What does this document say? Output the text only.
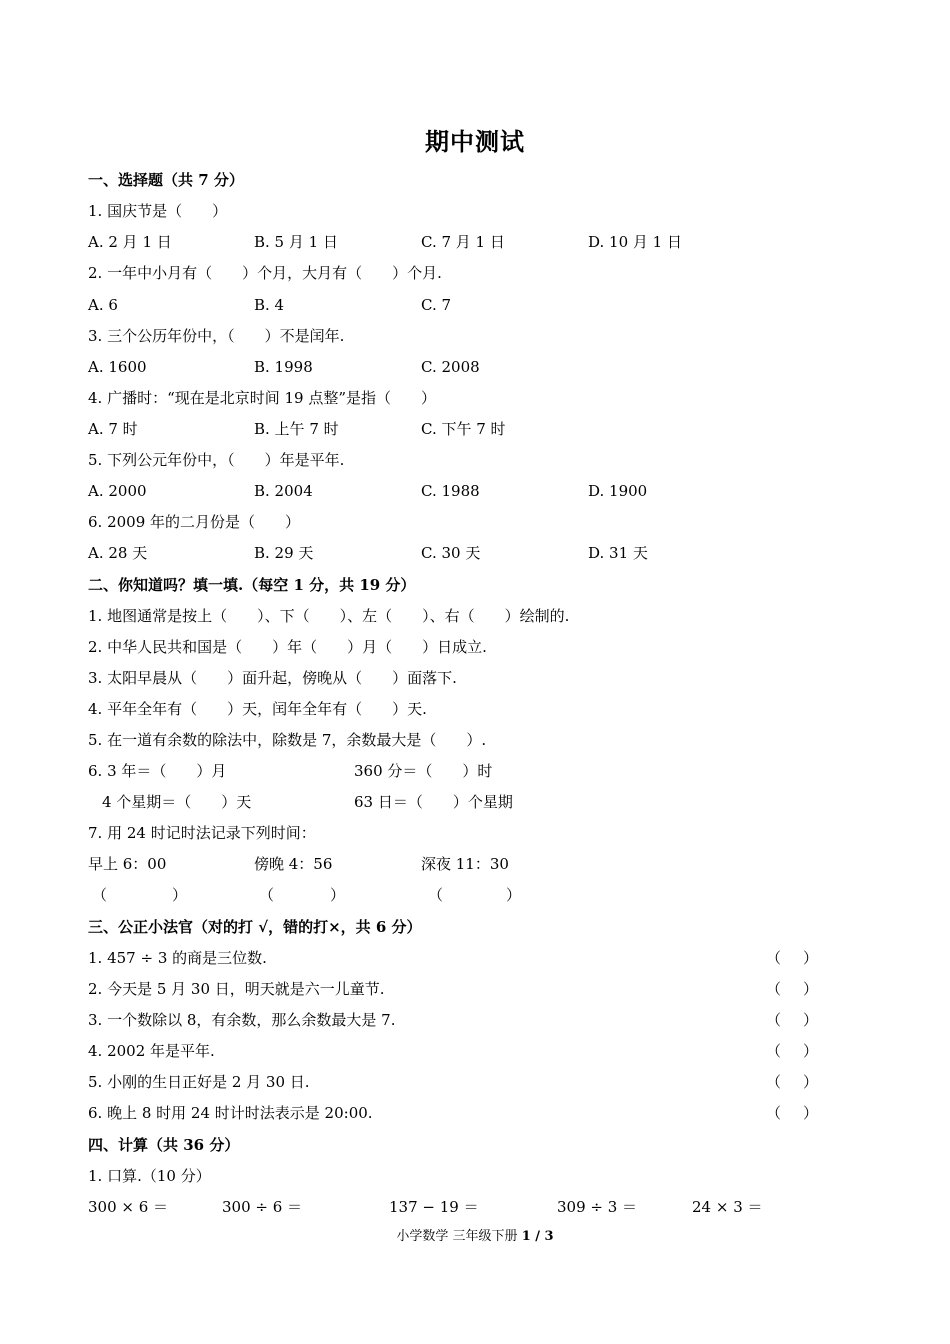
期中测试
一、选择题（共 7 分）
1. 国庆节是（　　）
A. 2 月 1 日	B. 5 月 1 日	C. 7 月 1 日	D. 10 月 1 日
2. 一年中小月有（　　）个月，大月有（　　）个月.
A. 6	B. 4	C. 7
3. 三个公历年份中，（　　）不是闰年.
A. 1600	B. 1998	C. 2008
4. 广播时：“现在是北京时间 19 点整”是指（　　）
A. 7 时	B. 上午 7 时	C. 下午 7 时
5. 下列公元年份中，（　　）年是平年.
A. 2000	B. 2004	C. 1988	D. 1900
6. 2009 年的二月份是（　　）
A. 28 天	B. 29 天	C. 30 天	D. 31 天
二、你知道吗？填一填.（每空 1 分，共 19 分）
1. 地图通常是按上（　　）、下（　　）、左（　　）、右（　　）绘制的.
2. 中华人民共和国是（　　）年（　　）月（　　）日成立.
3. 太阳早晨从（　　）面升起，傍晚从（　　）面落下.
4. 平年全年有（　　）天，闰年全年有（　　）天.
5. 在一道有余数的除法中，除数是 7，余数最大是（　　）.
6. 3 年＝（　　）月	360 分＝（　　）时
4 个星期＝（　　）天	63 日＝（　　）个星期
7. 用 24 时记时法记录下列时间：
早上 6：00	傍晚 4：56	深夜 11：30
（	）	（	）	（	）
三、公正小法官（对的打 √，错的打×，共 6 分）
1. 457 ÷ 3 的商是三位数.	（ ）
2. 今天是 5 月 30 日，明天就是六一儿童节.	（ ）
3. 一个数除以 8，有余数，那么余数最大是 7.	（ ）
4. 2002 年是平年.	（ ）
5. 小刚的生日正好是 2 月 30 日.	（ ）
6. 晚上 8 时用 24 时计时法表示是 20:00.	（ ）
四、计算（共 36 分）
1. 口算.（10 分）
300 × 6 ＝	300 ÷ 6 ＝	137 − 19 ＝	309 ÷ 3 ＝	24 × 3 ＝
小学数学 三年级下册 1 / 3
